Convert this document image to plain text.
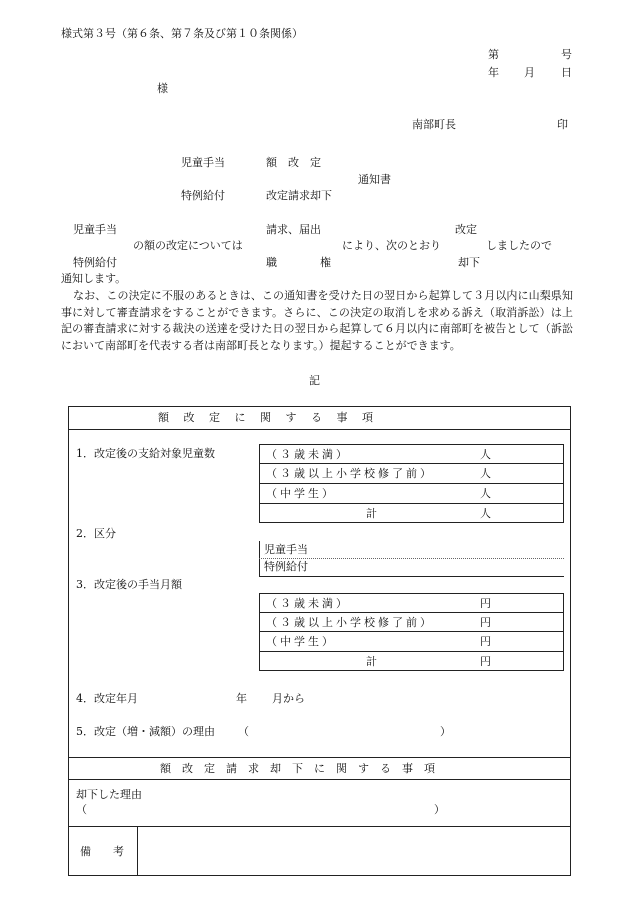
様式第３号（第６条、第７条及び第１０条関係）
第	号
年 月 日
様
南部町長	印
児童手当	額　改　定
通知書
特例給付	改定請求却下
児童手当	請求、届出	改定
の額の改定については	により、次のとおり	しましたので
特例給付	職	権	却下
通知します。
なお、この決定に不服のあるときは、この通知書を受けた日の翌日から起算して３月以内に山梨県知事に対して審査請求をすることができます。さらに、この決定の取消しを求める訴え（取消訴訟）は上記の審査請求に対する裁決の送達を受けた日の翌日から起算して６月以内に南部町を被告として（訴訟において南部町を代表する者は南部町長となります。）提起することができます。
記
額改定に関する事項
1．改定後の支給対象児童数	（３歳未満）	人
（３歳以上小学校修了前）	人
（中学生）	人
計	人
2．区分
児童手当
特例給付
3．改定後の手当月額
（３歳未満）	円
（３歳以上小学校修了前）	円
（中学生）	円
計	円
4．改定年月	年 月から
5．改定（増・減額）の理由 （	）
額改定請求却下に関する事項
却下した理由
（	）
備　　考
